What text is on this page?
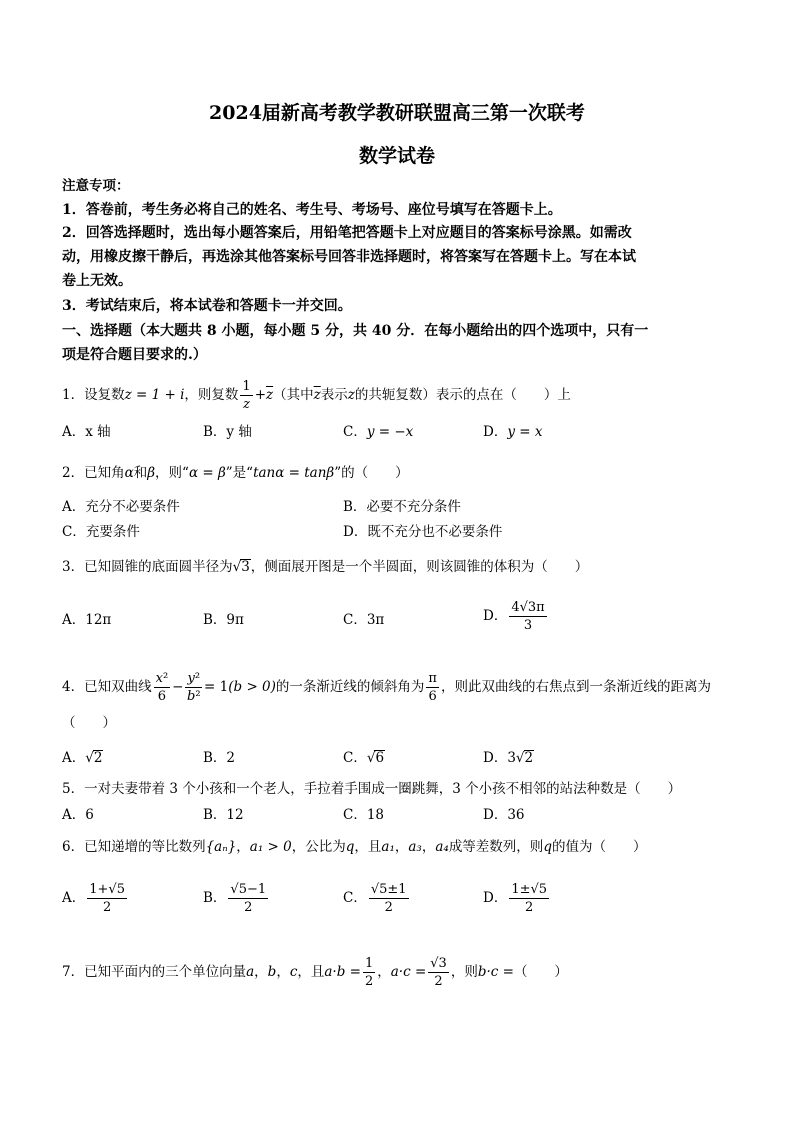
2024届新高考教学教研联盟高三第一次联考
数学试卷
注意专项：
1．答卷前，考生务必将自己的姓名、考生号、考场号、座位号填写在答题卡上。
2．回答选择题时，选出每小题答案后，用铅笔把答题卡上对应题目的答案标号涂黑。如需改
动，用橡皮擦干静后，再选涂其他答案标号回答非选择题时，将答案写在答题卡上。写在本试
卷上无效。
3．考试结束后，将本试卷和答题卡一并交回。
一、选择题（本大题共 8 小题，每小题 5 分，共 40 分．在每小题给出的四个选项中，只有一
项是符合题目要求的.）
1．设复数z = 1 + i，则复数 $\frac{1}{z} +\overline{z}$（其中$\overline{z}$表示z的共轭复数）表示的点在（　　）上
A．x 轴	B．y 轴	C．y = −x	D．y = x
2．已知角α和β，则“α = β”是“tanα = tanβ”的（　　）
A．充分不必要条件	B．必要不充分条件
C．充要条件	D．既不充分也不必要条件
3．已知圆锥的底面圆半径为√3，侧面展开图是一个半圆面，则该圆锥的体积为（　　）
A．12π	B．9π	C．3π	D． $\frac{4√3\pi}{3}$
4．已知双曲线 $\frac{\text{x²}}{6} - \frac{\text{y²}}{\text{b²}} = 1(b > 0)$的一条渐近线的倾斜角为 $\frac{\pi}{6}$ ，则此双曲线的右焦点到一条渐近线的距离为
（　　）
A．√2	B．2	C．√6	D．3√2
5．一对夫妻带着 3 个小孩和一个老人，手拉着手围成一圈跳舞，3 个小孩不相邻的站法种数是（　　）
A．6	B．12	C．18	D．36
6．已知递增的等比数列{aₙ}，a₁ > 0，公比为q，且a₁，a₃，a₄成等差数列，则q的值为（　　）
A． $\frac{1+√5}{2}$	B． $\frac{√5-1}{2}$	C． $\frac{√5\pm 1}{2}$	D． $\frac{1\pm√5}{2}$
7．已知平面内的三个单位向量a，b，c，且$a\cdot b = \frac{1}{2}$ ，$a\cdot c = \frac{√3}{2}$ ，则b·c =（　　）
